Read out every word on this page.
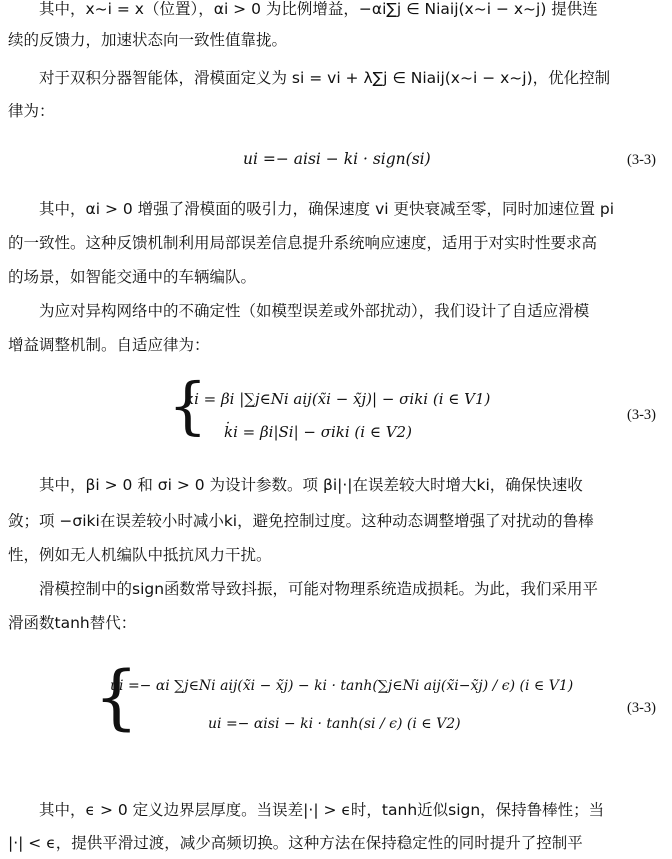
其中，x~i = x（位置），αi > 0 为比例增益，−αi∑j ∈ Niaij(x~i − x~j) 提供连

续的反馈力，加速状态向一致性值靠拢。

对于双积分器智能体，滑模面定义为 si = vi + λ∑j ∈ Niaij(x~i − x~j)，优化控制

律为：

ui =− aisi − ki · sign(si)	(3-3)

其中，αi > 0 增强了滑模面的吸引力，确保速度 vi 更快衰减至零，同时加速位置 pi

的一致性。这种反馈机制利用局部误差信息提升系统响应速度，适用于对实时性要求高

的场景，如智能交通中的车辆编队。

为应对异构网络中的不确定性（如模型误差或外部扰动），我们设计了自适应滑模

增益调整机制。自适应律为：

{
k̇i = βi |∑j∈Ni aij(x̃i − x̃j)| − σiki (i ∈ V1)
k̇i = βi|Si| − σiki (i ∈ V2)
(3-3)

其中，βi > 0 和 σi > 0 为设计参数。项 βi|·|在误差较大时增大ki，确保快速收

敛；项 −σiki在误差较小时减小ki，避免控制过度。这种动态调整增强了对扰动的鲁棒

性，例如无人机编队中抵抗风力干扰。

滑模控制中的sign函数常导致抖振，可能对物理系统造成损耗。为此，我们采用平

滑函数tanh替代：

{
ui =− αi ∑j∈Ni aij(x̃i − x̃j) − ki · tanh(∑j∈Ni aij(x̃i−x̃j) / ϵ) (i ∈ V1)
ui =− αisi − ki · tanh(si / ϵ) (i ∈ V2)
(3-3)

其中，ϵ > 0 定义边界层厚度。当误差|·| > ϵ时，tanh近似sign，保持鲁棒性；当

|·| < ϵ，提供平滑过渡，减少高频切换。这种方法在保持稳定性的同时提升了控制平
